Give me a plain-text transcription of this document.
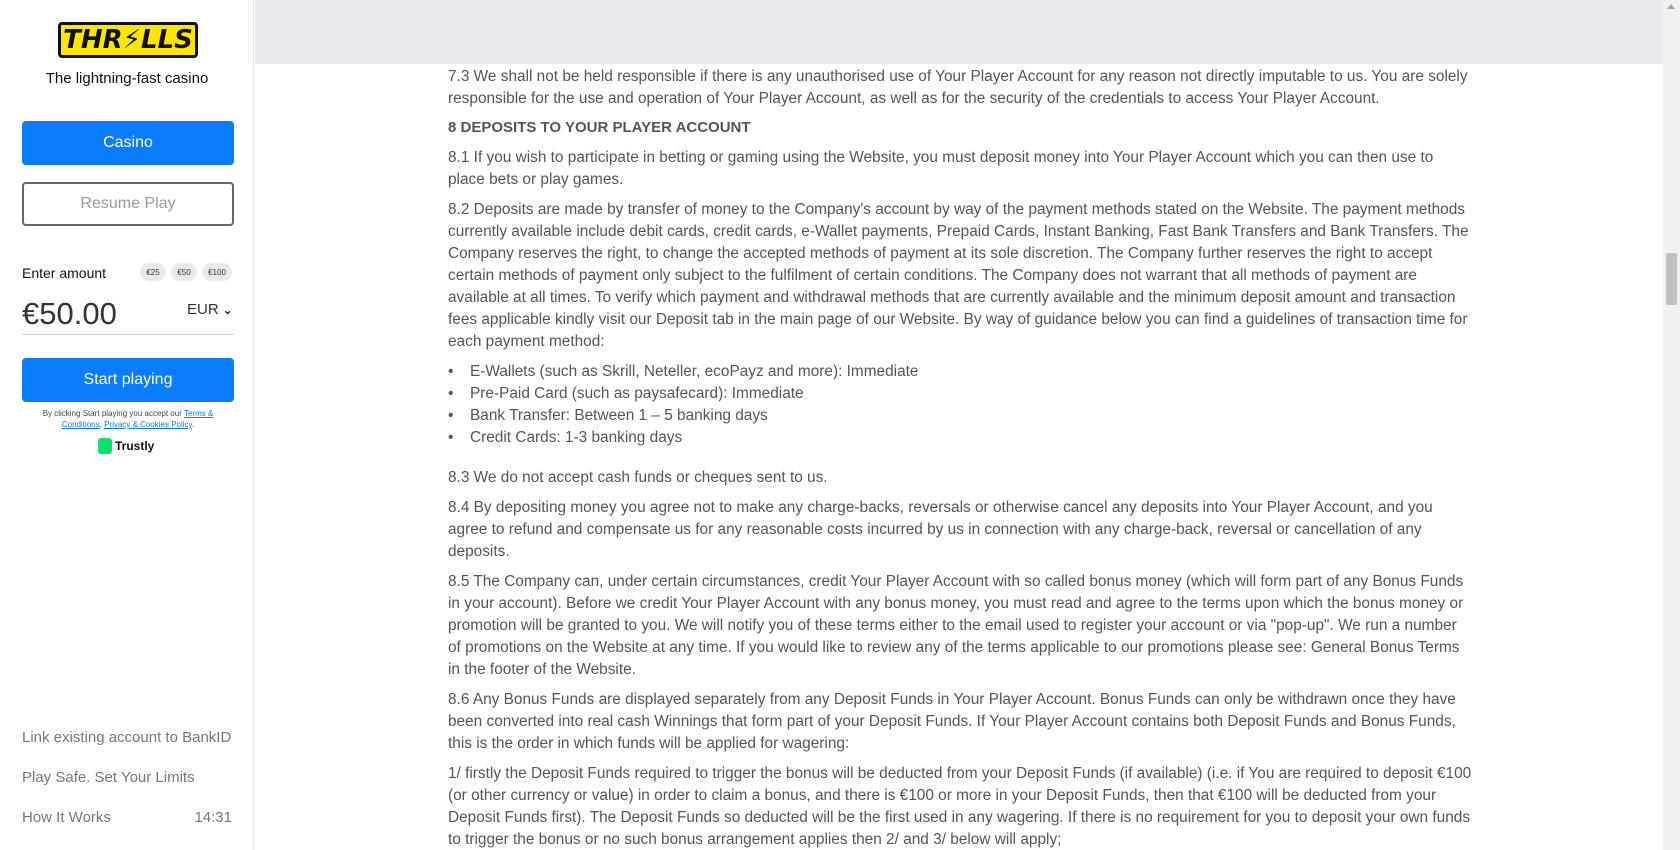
THR⚡LLS
The lightning-fast casino
Casino
Resume Play
Enter amount	€25	€50	€100
€50.00	EUR ⌄
Start playing
By clicking Start playing you accept our Terms & Conditions, Privacy & Cookies Policy.
Trustly
Link existing account to BankID
Play Safe. Set Your Limits
How It Works	14:31

7.3 We shall not be held responsible if there is any unauthorised use of Your Player Account for any reason not directly imputable to us. You are solely responsible for the use and operation of Your Player Account, as well as for the security of the credentials to access Your Player Account.

8 DEPOSITS TO YOUR PLAYER ACCOUNT

8.1 If you wish to participate in betting or gaming using the Website, you must deposit money into Your Player Account which you can then use to place bets or play games.

8.2 Deposits are made by transfer of money to the Company's account by way of the payment methods stated on the Website. The payment methods currently available include debit cards, credit cards, e-Wallet payments, Prepaid Cards, Instant Banking, Fast Bank Transfers and Bank Transfers. The Company reserves the right, to change the accepted methods of payment at its sole discretion. The Company further reserves the right to accept certain methods of payment only subject to the fulfilment of certain conditions. The Company does not warrant that all methods of payment are available at all times. To verify which payment and withdrawal methods that are currently available and the minimum deposit amount and transaction fees applicable kindly visit our Deposit tab in the main page of our Website. By way of guidance below you can find a guidelines of transaction time for each payment method:

• E-Wallets (such as Skrill, Neteller, ecoPayz and more): Immediate
• Pre-Paid Card (such as paysafecard): Immediate
• Bank Transfer: Between 1 – 5 banking days
• Credit Cards: 1-3 banking days

8.3 We do not accept cash funds or cheques sent to us.

8.4 By depositing money you agree not to make any charge-backs, reversals or otherwise cancel any deposits into Your Player Account, and you agree to refund and compensate us for any reasonable costs incurred by us in connection with any charge-back, reversal or cancellation of any deposits.

8.5 The Company can, under certain circumstances, credit Your Player Account with so called bonus money (which will form part of any Bonus Funds in your account). Before we credit Your Player Account with any bonus money, you must read and agree to the terms upon which the bonus money or promotion will be granted to you. We will notify you of these terms either to the email used to register your account or via "pop-up". We run a number of promotions on the Website at any time. If you would like to review any of the terms applicable to our promotions please see: General Bonus Terms in the footer of the Website.

8.6 Any Bonus Funds are displayed separately from any Deposit Funds in Your Player Account. Bonus Funds can only be withdrawn once they have been converted into real cash Winnings that form part of your Deposit Funds. If Your Player Account contains both Deposit Funds and Bonus Funds, this is the order in which funds will be applied for wagering:

1/ firstly the Deposit Funds required to trigger the bonus will be deducted from your Deposit Funds (if available) (i.e. if You are required to deposit €100 (or other currency or value) in order to claim a bonus, and there is €100 or more in your Deposit Funds, then that €100 will be deducted from your Deposit Funds first). The Deposit Funds so deducted will be the first used in any wagering. If there is no requirement for you to deposit your own funds to trigger the bonus or no such bonus arrangement applies then 2/ and 3/ below will apply;
